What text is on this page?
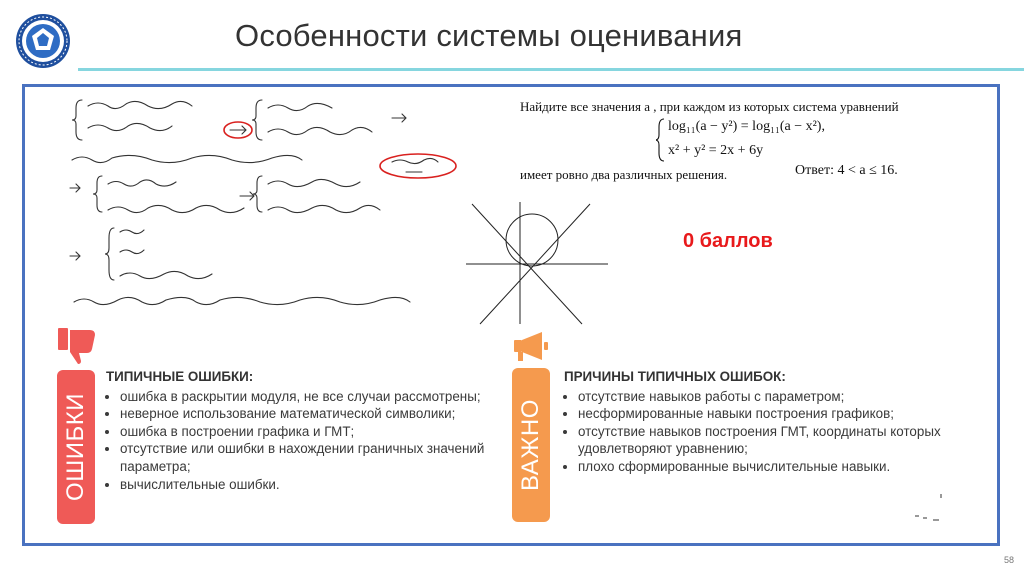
Особенности системы оценивания
Найдите все значения a , при каждом из которых система уравнений
log₁₁(a − y²) = log₁₁(a − x²),
x² + y² = 2x + 6y
имеет ровно два различных решения.	Ответ: 4 < a ≤ 16.
0 баллов
ОШИБКИ	ВАЖНО
ТИПИЧНЫЕ ОШИБКИ:
• ошибка в раскрытии модуля, не все случаи рассмотрены;
• неверное использование математической символики;
• ошибка в построении графика и ГМТ;
• отсутствие или ошибки в нахождении граничных значений параметра;
• вычислительные ошибки.
ПРИЧИНЫ ТИПИЧНЫХ ОШИБОК:
• отсутствие навыков работы с параметром;
• несформированные навыки построения графиков;
• отсутствие навыков построения ГМТ, координаты которых удовлетворяют уравнению;
• плохо сформированные вычислительные навыки.
58
